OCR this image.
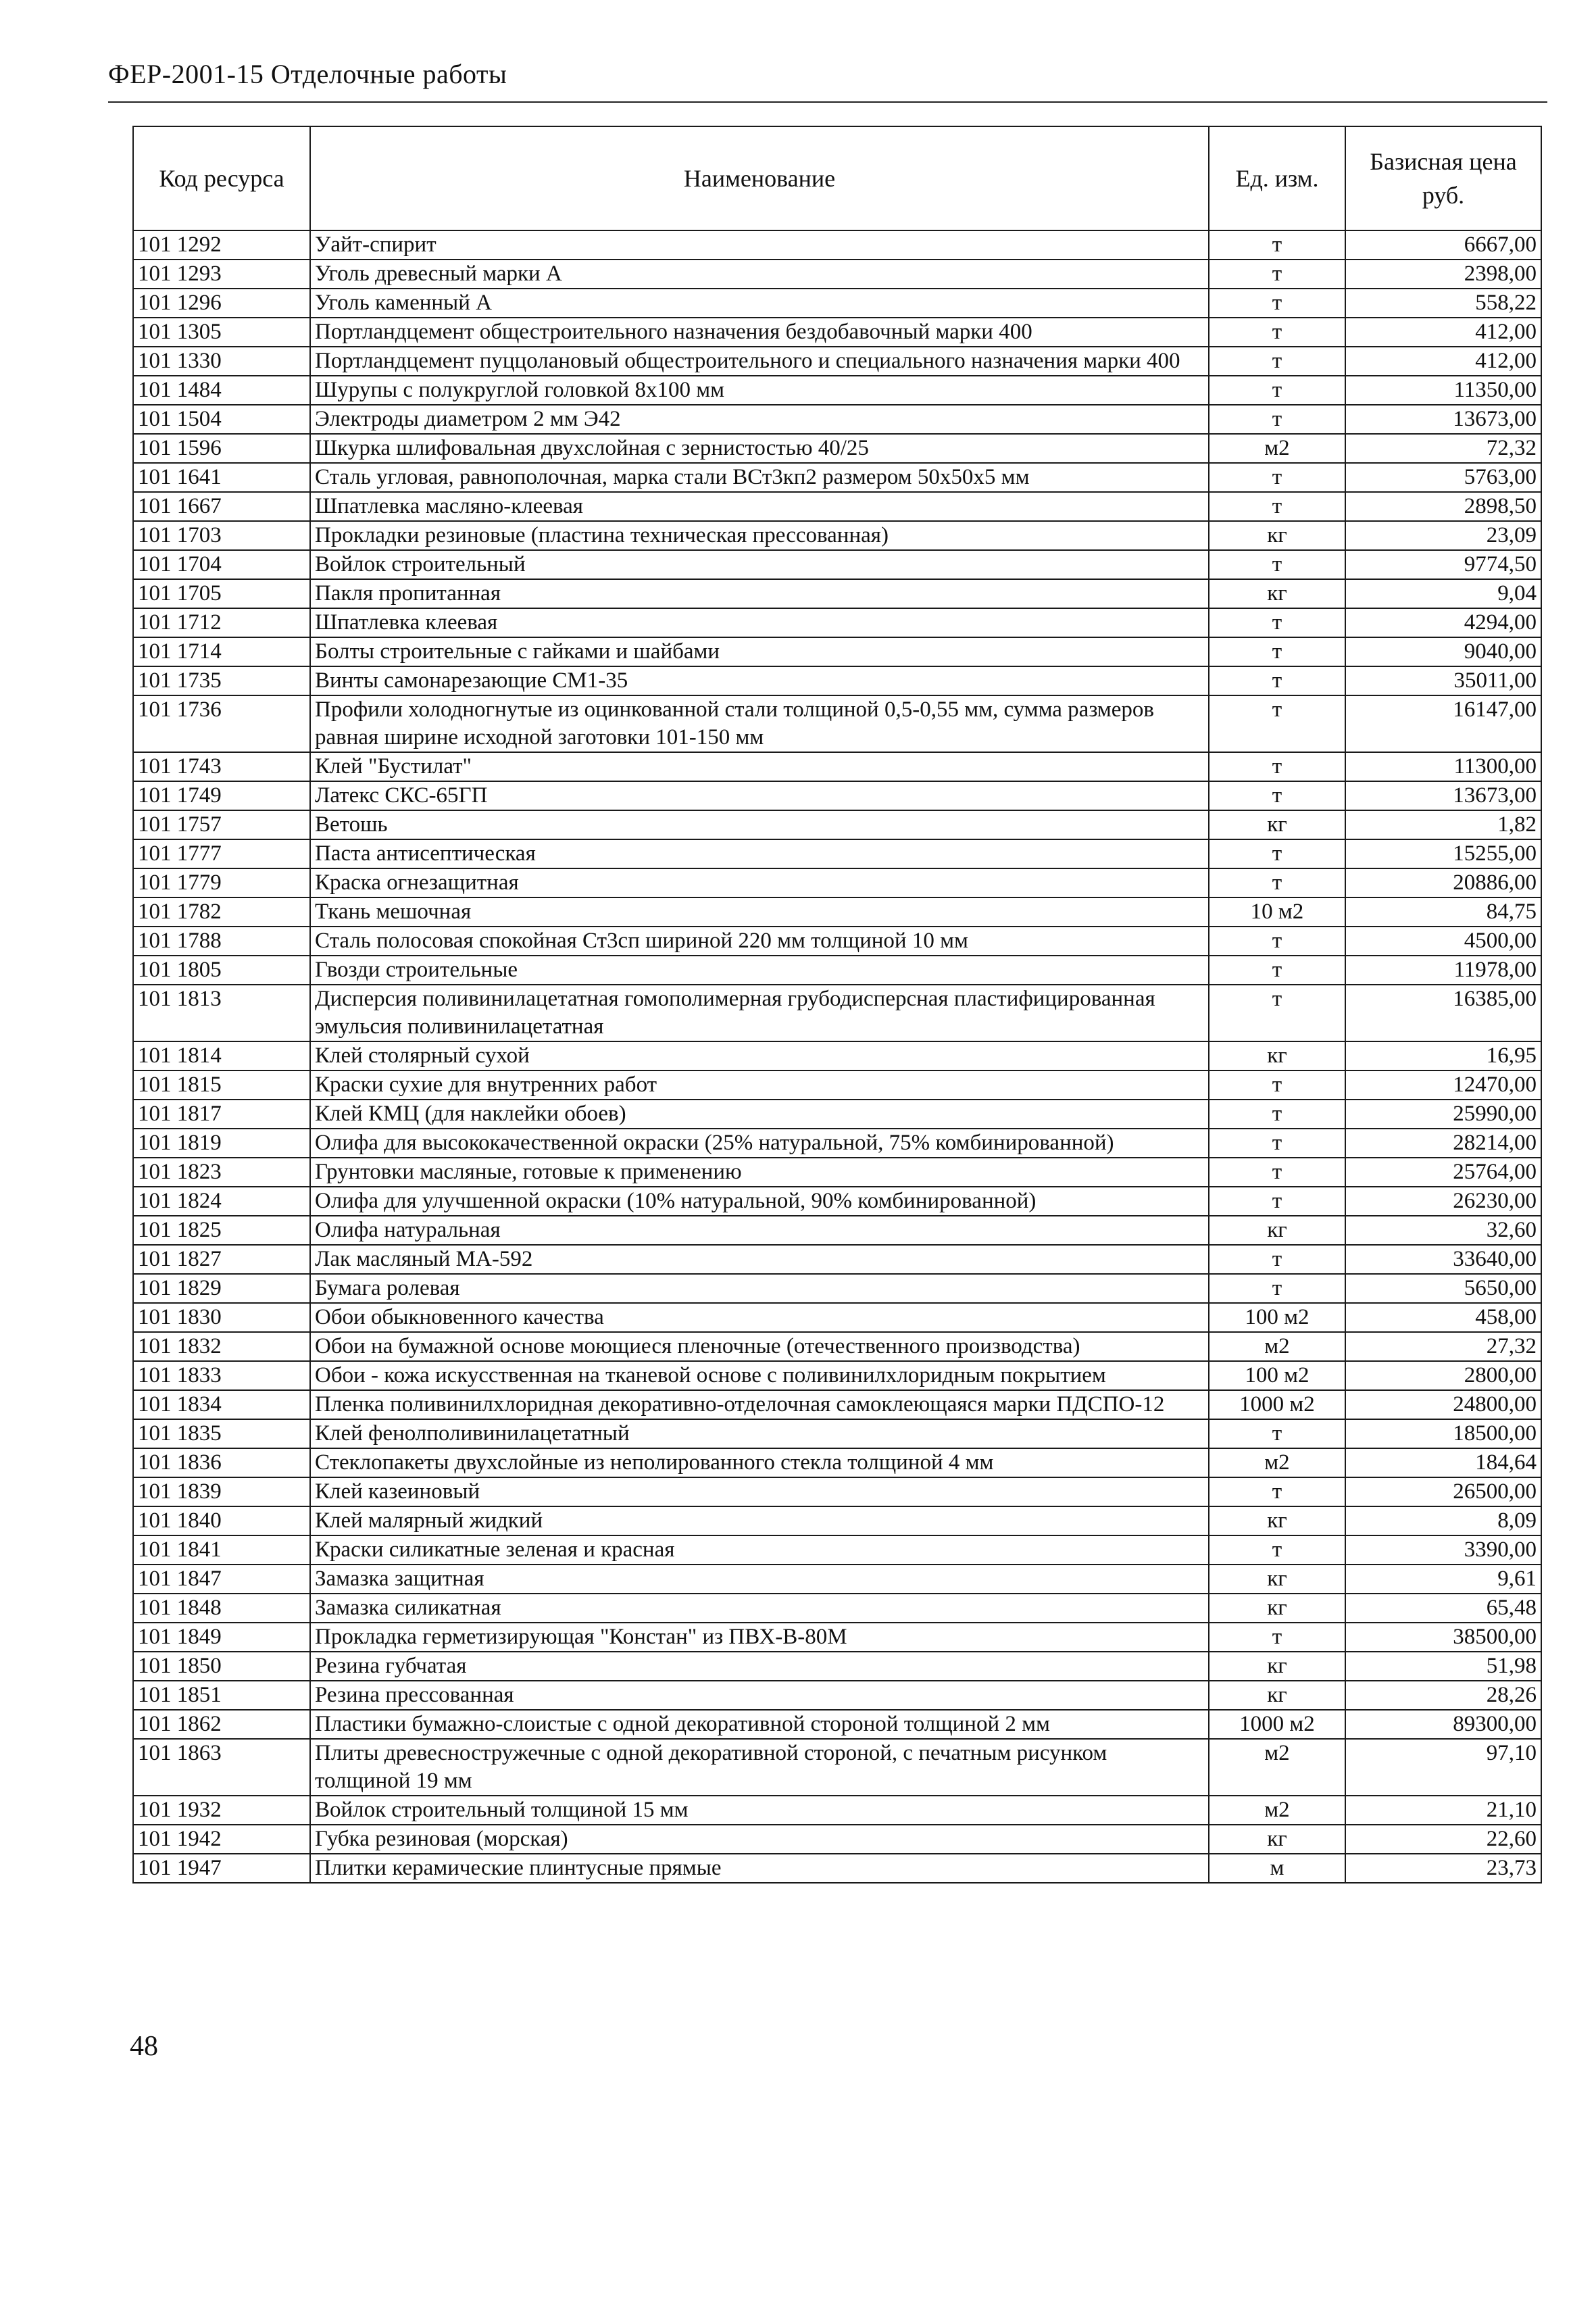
ФЕР-2001-15 Отделочные работы
Код ресурса	Наименование	Ед. изм.	Базисная цена руб.
101 1292	Уайт-спирит	т	6667,00
101 1293	Уголь древесный марки А	т	2398,00
101 1296	Уголь каменный А	т	558,22
101 1305	Портландцемент общестроительного назначения бездобавочный марки 400	т	412,00
101 1330	Портландцемент пуццолановый общестроительного и специального назначения марки 400	т	412,00
101 1484	Шурупы с полукруглой головкой 8х100 мм	т	11350,00
101 1504	Электроды диаметром 2 мм Э42	т	13673,00
101 1596	Шкурка шлифовальная двухслойная с зернистостью 40/25	м2	72,32
101 1641	Сталь угловая, равнополочная, марка стали ВСт3кп2 размером 50х50х5 мм	т	5763,00
101 1667	Шпатлевка масляно-клеевая	т	2898,50
101 1703	Прокладки резиновые (пластина техническая прессованная)	кг	23,09
101 1704	Войлок строительный	т	9774,50
101 1705	Пакля пропитанная	кг	9,04
101 1712	Шпатлевка клеевая	т	4294,00
101 1714	Болты строительные с гайками и шайбами	т	9040,00
101 1735	Винты самонарезающие СМ1-35	т	35011,00
101 1736	Профили холодногнутые из оцинкованной стали толщиной 0,5-0,55 мм, сумма размеров равная ширине исходной заготовки 101-150 мм	т	16147,00
101 1743	Клей "Бустилат"	т	11300,00
101 1749	Латекс СКС-65ГП	т	13673,00
101 1757	Ветошь	кг	1,82
101 1777	Паста антисептическая	т	15255,00
101 1779	Краска огнезащитная	т	20886,00
101 1782	Ткань мешочная	10 м2	84,75
101 1788	Сталь полосовая спокойная Ст3сп шириной 220 мм толщиной 10 мм	т	4500,00
101 1805	Гвозди строительные	т	11978,00
101 1813	Дисперсия поливинилацетатная гомополимерная грубодисперсная пластифицированная эмульсия поливинилацетатная	т	16385,00
101 1814	Клей столярный сухой	кг	16,95
101 1815	Краски сухие для внутренних работ	т	12470,00
101 1817	Клей КМЦ (для наклейки обоев)	т	25990,00
101 1819	Олифа для высококачественной окраски (25% натуральной, 75% комбинированной)	т	28214,00
101 1823	Грунтовки масляные, готовые к применению	т	25764,00
101 1824	Олифа для улучшенной окраски (10% натуральной, 90% комбинированной)	т	26230,00
101 1825	Олифа натуральная	кг	32,60
101 1827	Лак масляный МА-592	т	33640,00
101 1829	Бумага ролевая	т	5650,00
101 1830	Обои обыкновенного качества	100 м2	458,00
101 1832	Обои на бумажной основе моющиеся пленочные (отечественного производства)	м2	27,32
101 1833	Обои - кожа искусственная на тканевой основе с поливинилхлоридным покрытием	100 м2	2800,00
101 1834	Пленка поливинилхлоридная декоративно-отделочная самоклеющаяся марки ПДСПО-12	1000 м2	24800,00
101 1835	Клей фенолполивинилацетатный	т	18500,00
101 1836	Стеклопакеты двухслойные из неполированного стекла толщиной 4 мм	м2	184,64
101 1839	Клей казеиновый	т	26500,00
101 1840	Клей малярный жидкий	кг	8,09
101 1841	Краски силикатные зеленая и красная	т	3390,00
101 1847	Замазка защитная	кг	9,61
101 1848	Замазка силикатная	кг	65,48
101 1849	Прокладка герметизирующая "Констан" из ПВХ-В-80М	т	38500,00
101 1850	Резина губчатая	кг	51,98
101 1851	Резина прессованная	кг	28,26
101 1862	Пластики бумажно-слоистые с одной декоративной стороной толщиной 2 мм	1000 м2	89300,00
101 1863	Плиты древесностружечные с одной декоративной стороной, с печатным рисунком толщиной 19 мм	м2	97,10
101 1932	Войлок строительный толщиной 15 мм	м2	21,10
101 1942	Губка резиновая (морская)	кг	22,60
101 1947	Плитки керамические плинтусные прямые	м	23,73
48
